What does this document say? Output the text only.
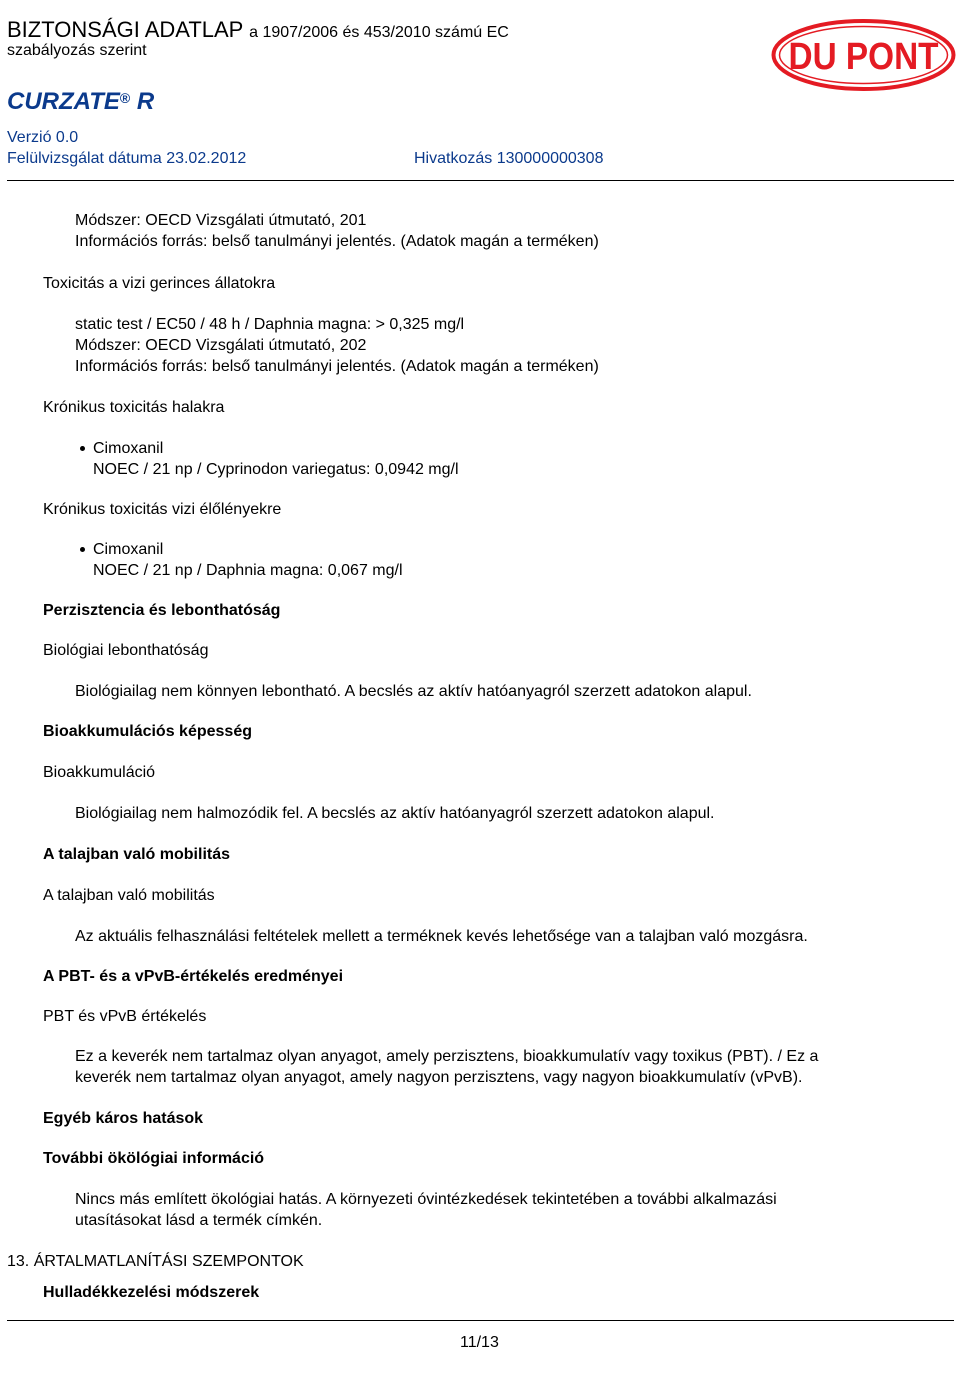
BIZTONSÁGI ADATLAP a 1907/2006 és 453/2010 számú EC
szabályozás szerint
CURZATE® R
Verzió 0.0
Felülvizsgálat dátuma 23.02.2012	Hivatkozás 130000000308
DU PONT
Módszer: OECD Vizsgálati útmutató, 201
Információs forrás: belső tanulmányi jelentés. (Adatok magán a terméken)
Toxicitás a vizi gerinces állatokra
static test / EC50 / 48 h / Daphnia magna: > 0,325 mg/l
Módszer: OECD Vizsgálati útmutató, 202
Információs forrás: belső tanulmányi jelentés. (Adatok magán a terméken)
Krónikus toxicitás halakra
Cimoxanil
NOEC / 21 np / Cyprinodon variegatus: 0,0942 mg/l
Krónikus toxicitás vizi élőlényekre
Cimoxanil
NOEC / 21 np / Daphnia magna: 0,067 mg/l
Perzisztencia és lebonthatóság
Biológiai lebonthatóság
Biológiailag nem könnyen lebontható. A becslés az aktív hatóanyagról szerzett adatokon alapul.
Bioakkumulációs képesség
Bioakkumuláció
Biológiailag nem halmozódik fel. A becslés az aktív hatóanyagról szerzett adatokon alapul.
A talajban való mobilitás
A talajban való mobilitás
Az aktuális felhasználási feltételek mellett a terméknek kevés lehetősége van a talajban való mozgásra.
A PBT- és a vPvB-értékelés eredményei
PBT és vPvB értékelés
Ez a keverék nem tartalmaz olyan anyagot, amely perzisztens, bioakkumulatív vagy toxikus (PBT). / Ez a
keverék nem tartalmaz olyan anyagot, amely nagyon perzisztens, vagy nagyon bioakkumulatív (vPvB).
Egyéb káros hatások
További ökölógiai információ
Nincs más említett ökológiai hatás. A környezeti óvintézkedések tekintetében a további alkalmazási
utasításokat lásd a termék címkén.
13. ÁRTALMATLANÍTÁSI SZEMPONTOK
Hulladékkezelési módszerek
11/13
